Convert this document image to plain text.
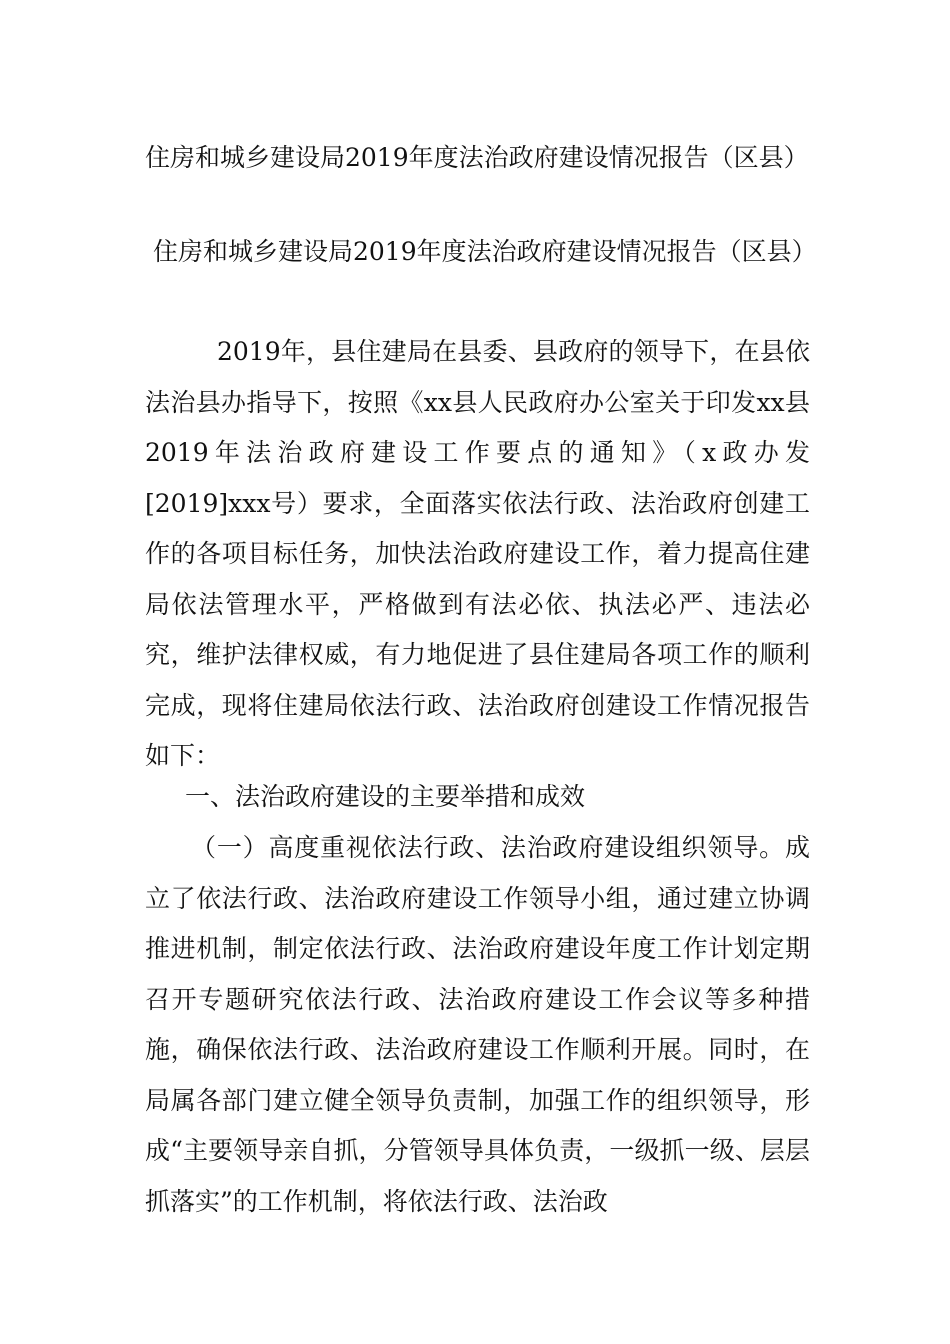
住房和城乡建设局2019年度法治政府建设情况报告（区县）

住房和城乡建设局2019年度法治政府建设情况报告（区县）

2019年，县住建局在县委、县政府的领导下，在县依法治县办指导下，按照《xx县人民政府办公室关于印发xx县2019年法治政府建设工作要点的通知》（x政办发[2019]xxx号）要求，全面落实依法行政、法治政府创建工作的各项目标任务，加快法治政府建设工作，着力提高住建局依法管理水平，严格做到有法必依、执法必严、违法必究，维护法律权威，有力地促进了县住建局各项工作的顺利完成，现将住建局依法行政、法治政府创建设工作情况报告如下：

一、法治政府建设的主要举措和成效

（一）高度重视依法行政、法治政府建设组织领导。成立了依法行政、法治政府建设工作领导小组，通过建立协调推进机制，制定依法行政、法治政府建设年度工作计划定期召开专题研究依法行政、法治政府建设工作会议等多种措施，确保依法行政、法治政府建设工作顺利开展。同时，在局属各部门建立健全领导负责制，加强工作的组织领导，形成“主要领导亲自抓，分管领导具体负责，一级抓一级、层层抓落实”的工作机制，将依法行政、法治政
